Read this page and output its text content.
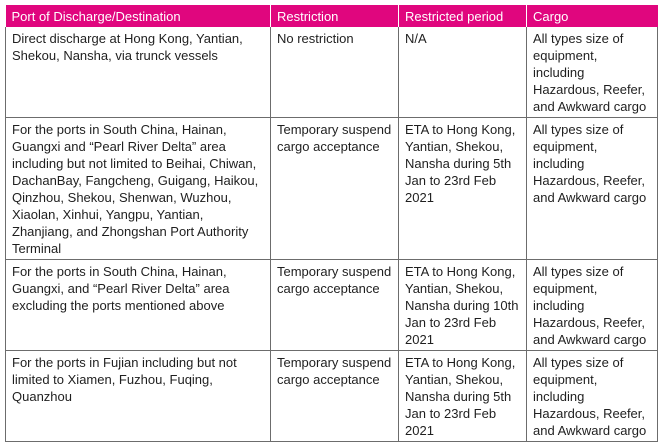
Port of Discharge/Destination	Restriction	Restricted period	Cargo
Direct discharge at Hong Kong, Yantian, Shekou, Nansha, via trunck vessels	No restriction	N/A	All types size of equipment, including Hazardous, Reefer, and Awkward cargo
For the ports in South China, Hainan, Guangxi and “Pearl River Delta” area including but not limited to Beihai, Chiwan, DachanBay, Fangcheng, Guigang, Haikou, Qinzhou, Shekou, Shenwan, Wuzhou, Xiaolan, Xinhui, Yangpu, Yantian, Zhanjiang, and Zhongshan Port Authority Terminal	Temporary suspend cargo acceptance	ETA to Hong Kong, Yantian, Shekou, Nansha during 5th Jan to 23rd Feb 2021	All types size of equipment, including Hazardous, Reefer, and Awkward cargo
For the ports in South China, Hainan, Guangxi, and “Pearl River Delta” area excluding the ports mentioned above	Temporary suspend cargo acceptance	ETA to Hong Kong, Yantian, Shekou, Nansha during 10th Jan to 23rd Feb 2021	All types size of equipment, including Hazardous, Reefer, and Awkward cargo
For the ports in Fujian including but not limited to Xiamen, Fuzhou, Fuqing, Quanzhou	Temporary suspend cargo acceptance	ETA to Hong Kong, Yantian, Shekou, Nansha during 5th Jan to 23rd Feb 2021	All types size of equipment, including Hazardous, Reefer, and Awkward cargo
